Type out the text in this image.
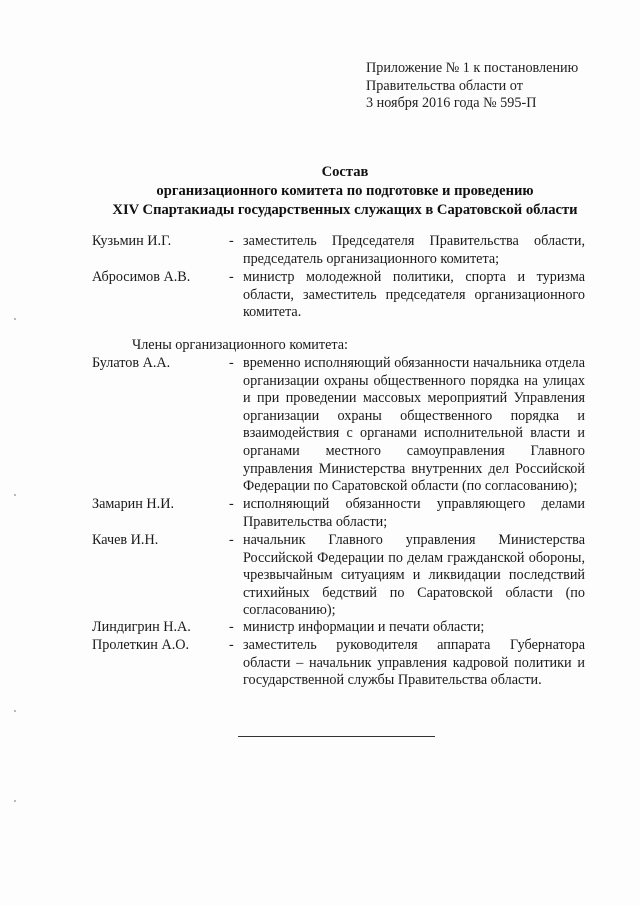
Приложение № 1 к постановлению
Правительства области от
3 ноября 2016 года № 595-П
Состав
организационного комитета по подготовке и проведению
XIV Спартакиады государственных служащих в Саратовской области
Кузьмин И.Г.	- заместитель Председателя Правительства области, председатель организационного комитета;
Абросимов А.В.	- министр молодежной политики, спорта и туризма области, заместитель председателя организационного комитета.
Члены организационного комитета:
Булатов А.А.	- временно исполняющий обязанности начальника отдела организации охраны общественного порядка на улицах и при проведении массовых мероприятий Управления организации охраны общественного порядка и взаимодействия с органами исполнительной власти и органами местного самоуправления Главного управления Министерства внутренних дел Российской Федерации по Саратовской области (по согласованию);
Замарин Н.И.	- исполняющий обязанности управляющего делами Правительства области;
Качев И.Н.	- начальник Главного управления Министерства Российской Федерации по делам гражданской обороны, чрезвычайным ситуациям и ликвидации последствий стихийных бедствий по Саратовской области (по согласованию);
Линдигрин Н.А.	- министр информации и печати области;
Пролеткин А.О.	- заместитель руководителя аппарата Губернатора области – начальник управления кадровой политики и государственной службы Правительства области.
